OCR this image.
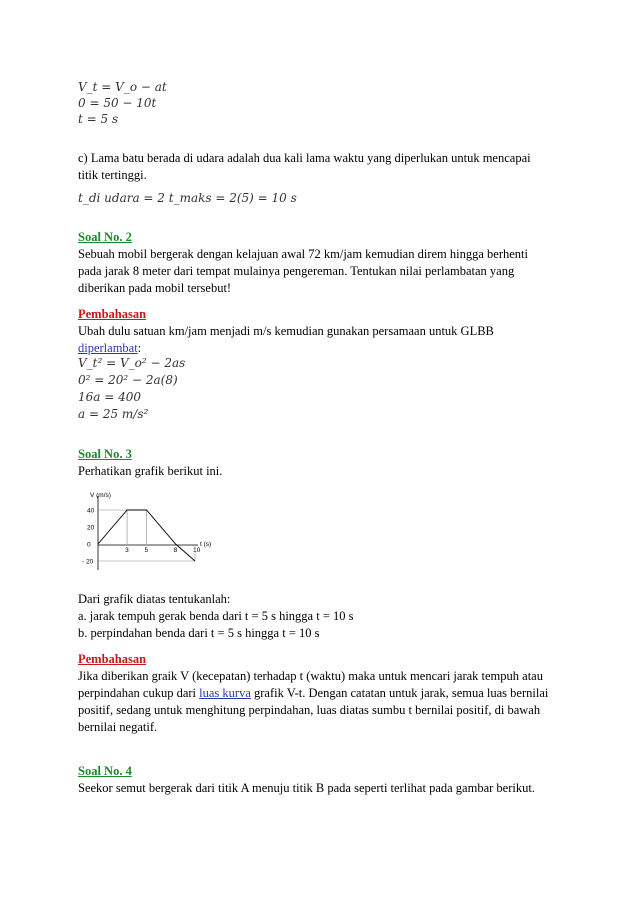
V_t = V_o − at
0 = 50 − 10t
t = 5 s
c) Lama batu berada di udara adalah dua kali lama waktu yang diperlukan untuk mencapai
titik tertinggi.
t_di udara = 2 t_maks = 2(5) = 10 s
Soal No. 2
Sebuah mobil bergerak dengan kelajuan awal 72 km/jam kemudian direm hingga berhenti
pada jarak 8 meter dari tempat mulainya pengereman. Tentukan nilai perlambatan yang
diberikan pada mobil tersebut!
Pembahasan
Ubah dulu satuan km/jam menjadi m/s kemudian gunakan persamaan untuk GLBB
diperlambat:
V_t² = V_o² − 2as
0² = 20² − 2a(8)
16a = 400
a = 25 m/s²
Soal No. 3
Perhatikan grafik berikut ini.
V (m/s)
t (s)
40
20
0
- 20
3 5	8 10
Dari grafik diatas tentukanlah:
a. jarak tempuh gerak benda dari t = 5 s hingga t = 10 s
b. perpindahan benda dari t = 5 s hingga t = 10 s
Pembahasan
Jika diberikan graik V (kecepatan) terhadap t (waktu) maka untuk mencari jarak tempuh atau
perpindahan cukup dari luas kurva grafik V-t. Dengan catatan untuk jarak, semua luas bernilai
positif, sedang untuk menghitung perpindahan, luas diatas sumbu t bernilai positif, di bawah
bernilai negatif.
Soal No. 4
Seekor semut bergerak dari titik A menuju titik B pada seperti terlihat pada gambar berikut.
